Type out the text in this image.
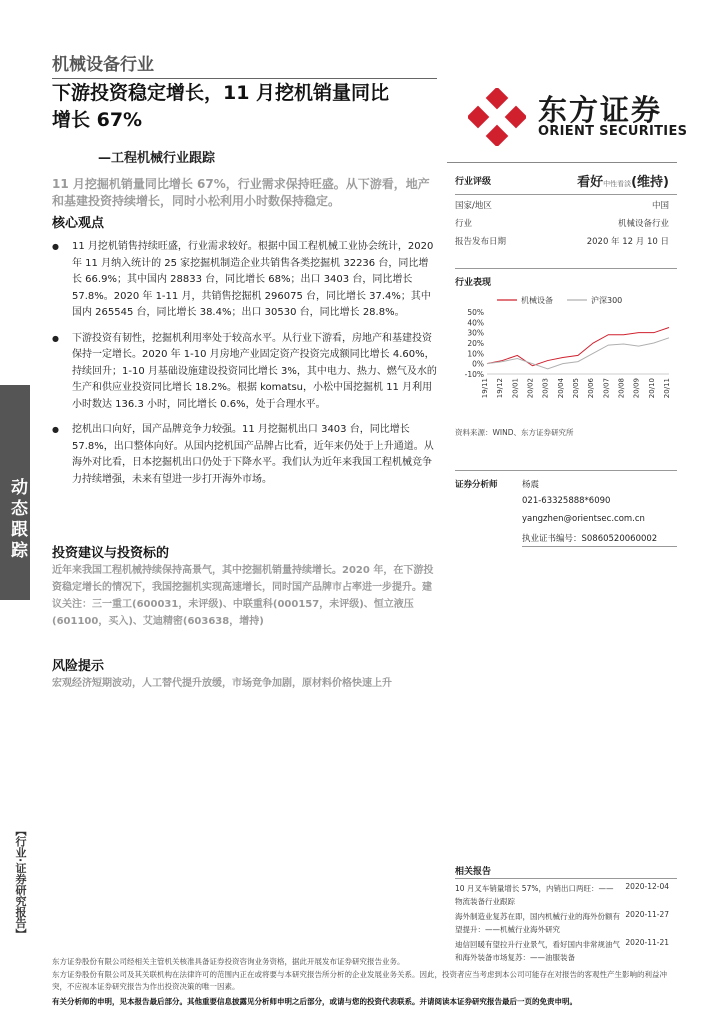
机械设备行业
下游投资稳定增长，11 月挖机销量同比
增长 67%
—工程机械行业跟踪
东方证券
ORIENT SECURITIES
11 月挖掘机销量同比增长 67%，行业需求保持旺盛。从下游看，地产和基建投资持续增长，同时小松利用小时数保持稳定。
核心观点
● 11 月挖机销售持续旺盛，行业需求较好。根据中国工程机械工业协会统计，2020 年 11 月纳入统计的 25 家挖掘机制造企业共销售各类挖掘机 32236 台，同比增长 66.9%；其中国内 28833 台，同比增长 68%；出口 3403 台，同比增长 57.8%。2020 年 1-11 月，共销售挖掘机 296075 台，同比增长 37.4%；其中国内 265545 台，同比增长 38.4%；出口 30530 台，同比增长 28.8%。
● 下游投资有韧性，挖掘机利用率处于较高水平。从行业下游看，房地产和基建投资保持一定增长。2020 年 1-10 月房地产业固定资产投资完成额同比增长 4.60%，持续回升；1-10 月基础设施建设投资同比增长 3%，其中电力、热力、燃气及水的生产和供应业投资同比增长 18.2%。根据 komatsu，小松中国挖掘机 11 月利用小时数达 136.3 小时，同比增长 0.6%，处于合理水平。
● 挖机出口向好，国产品牌竞争力较强。11 月挖掘机出口 3403 台，同比增长 57.8%，出口整体向好。从国内挖机国产品牌占比看，近年来仍处于上升通道。从海外对比看，日本挖掘机出口仍处于下降水平。我们认为近年来我国工程机械竞争力持续增强，未来有望进一步打开海外市场。
投资建议与投资标的
近年来我国工程机械持续保持高景气，其中挖掘机销量持续增长。2020 年，在下游投资稳定增长的情况下，我国挖掘机实现高速增长，同时国产品牌市占率进一步提升。建议关注：三一重工(600031，未评级)、中联重科(000157，未评级)、恒立液压(601100，买入)、艾迪精密(603638，增持)
风险提示
宏观经济短期波动，人工替代提升放缓，市场竞争加剧，原材料价格快速上升
行业评级	看好中性看淡(维持)
国家/地区	中国
行业	机械设备行业
报告发布日期	2020 年 12 月 10 日
行业表现
机械设备	沪深300
50%
40%
30%
20%
10%
0%
-10%
19/11 19/12 20/01 20/02 20/03 20/04 20/05 20/06 20/07 20/08 20/09 20/10 20/11
资料来源：WIND、东方证券研究所
证券分析师	杨震
021-63325888*6090
yangzhen@orientsec.com.cn
执业证书编号：S0860520060002
动态跟踪
【行业·证券研究报告】	相关报告
10 月叉车销量增长 57%，内销出口两旺：——物流装备行业跟踪
2020-12-04
海外制造业复苏在即，国内机械行业的海外份额有望提升：——机械行业海外研究
2020-11-27
迪信回暖有望拉升行业景气，看好国内非常规油气和海外装备市场复苏：——油服装备
2020-11-21
东方证券股份有限公司经相关主管机关核准具备证券投资咨询业务资格，据此开展发布证券研究报告业务。
东方证券股份有限公司及其关联机构在法律许可的范围内正在或将要与本研究报告所分析的企业发展业务关系。因此，投资者应当考虑到本公司可能存在对报告的客观性产生影响的利益冲突，不应视本证券研究报告为作出投资决策的唯一因素。
有关分析师的申明，见本报告最后部分。其他重要信息披露见分析师申明之后部分，或请与您的投资代表联系。并请阅读本证券研究报告最后一页的免责申明。
